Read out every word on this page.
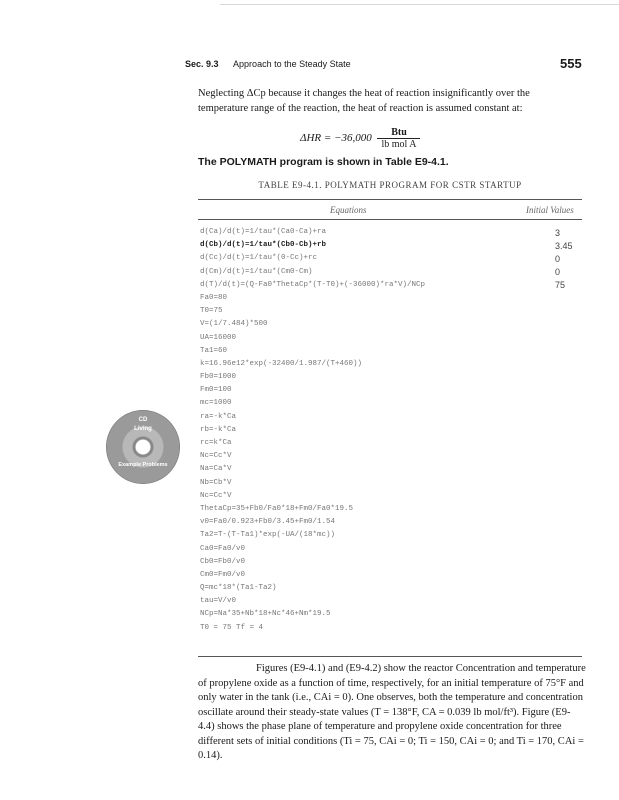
Sec. 9.3 Approach to the Steady State	555
Neglecting ΔCp because it changes the heat of reaction insignificantly over the temperature range of the reaction, the heat of reaction is assumed constant at:
$\Delta HR = -36,000 \frac{\text{Btu}}{\text{lb mol A}}$
The POLYMATH program is shown in Table E9-4.1.
TABLE E9-4.1. POLYMATH PROGRAM FOR CSTR STARTUP
Equations	Initial Values
d(Ca)/d(t)=1/tau*(Ca0-Ca)+ra
d(Cb)/d(t)=1/tau*(Cb0-Cb)+rb
d(Cc)/d(t)=1/tau*(0-Cc)+rc
d(Cm)/d(t)=1/tau*(Cm0-Cm)
d(T)/d(t)=(Q-Fa0*ThetaCp*(T-T0)+(-36000)*ra*V)/NCp
Fa0=80
T0=75
V=(1/7.484)*500
UA=16000
Ta1=60
k=16.96e12*exp(-32400/1.987/(T+460))
Fb0=1000
Fm0=100
mc=1000
ra=-k*Ca
rb=-k*Ca
rc=k*Ca
Nc=Cc*V
Na=Ca*V
Nb=Cb*V
Nc=Cc*V
ThetaCp=35+Fb0/Fa0*18+Fm0/Fa0*19.5
v0=Fa0/0.923+Fb0/3.45+Fm0/1.54
Ta2=T-(T-Ta1)*exp(-UA/(18*mc))
Ca0=Fa0/v0
Cb0=Fb0/v0
Cm0=Fm0/v0
Q=mc*18*(Ta1-Ta2)
tau=V/v0
NCp=Na*35+Nb*18+Nc*46+Nm*19.5
T0 = 75 Tf = 4
3
3.45
0
0
75
CD
Living
Example Problems
Figures (E9-4.1) and (E9-4.2) show the reactor Concentration and temperature of propylene oxide as a function of time, respectively, for an initial temperature of 75°F and only water in the tank (i.e., CAi = 0). One observes, both the temperature and concentration oscillate around their steady-state values (T = 138°F, CA = 0.039 lb mol/ft³). Figure (E9-4.4) shows the phase plane of temperature and propylene oxide concentration for three different sets of initial conditions (Ti = 75, CAi = 0; Ti = 150, CAi = 0; and Ti = 170, CAi = 0.14).
